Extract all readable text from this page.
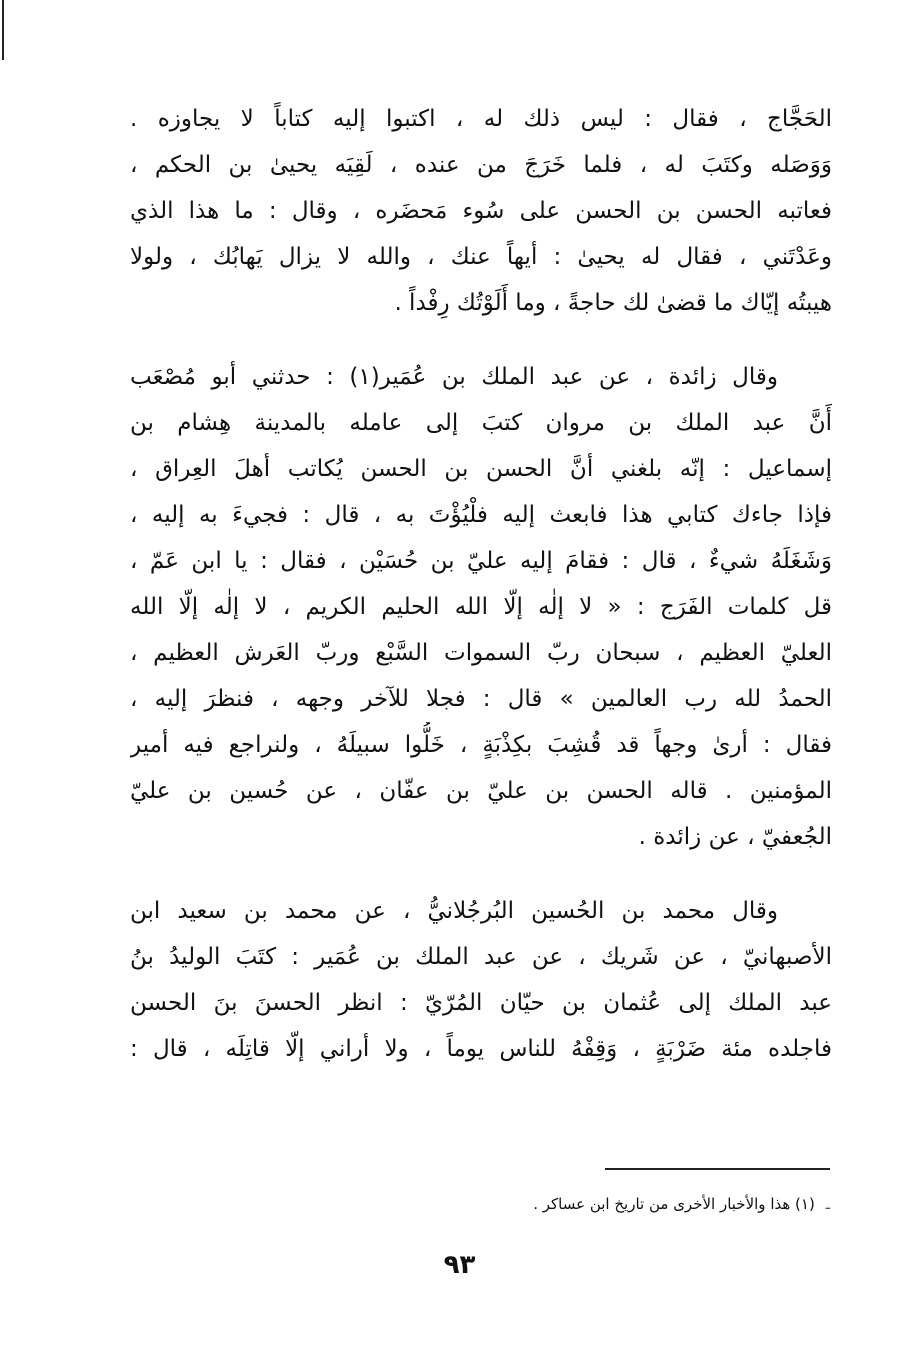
الحَجَّاج ، فقال : ليس ذلك له ، اكتبوا إليه كتاباً لا يجاوزه .
وَوَصَله وكتَبَ له ، فلما خَرَجَ من عنده ، لَقِيَه يحيىٰ بن الحكم ،
فعاتبه الحسن بن الحسن على سُوء مَحضَره ، وقال : ما هذا الذي
وعَدْتَني ، فقال له يحيىٰ : أيهاً عنك ، والله لا يزال يَهابُك ، ولولا
هيبتُه إيّاك ما قضىٰ لك حاجةً ، وما أَلَوْتُك رِفْداً .
وقال زائدة ، عن عبد الملك بن عُمَير(١) : حدثني أبو مُصْعَب
أَنَّ عبد الملك بن مروان كتبَ إلى عامله بالمدينة هِشام بن
إسماعيل : إنّه بلغني أنَّ الحسن بن الحسن يُكاتب أهلَ العِراق ،
فإذا جاءك كتابي هذا فابعث إليه فلْيُؤْتَ به ، قال : فجيءَ به إليه ،
وَشَغَلَهُ شيءٌ ، قال : فقامَ إليه عليّ بن حُسَيْن ، فقال : يا ابن عَمّ ،
قل كلمات الفَرَج : « لا إلٰه إلّا الله الحليم الكريم ، لا إلٰه إلّا الله
العليّ العظيم ، سبحان ربّ السموات السَّبْع وربّ العَرش العظيم ،
الحمدُ لله رب العالمين » قال : فجلا للآخر وجهه ، فنظرَ إليه ،
فقال : أرىٰ وجهاً قد قُشِبَ بكِذْبَةٍ ، خَلُّوا سبيلَهُ ، ولنراجع فيه أمير
المؤمنين . قاله الحسن بن عليّ بن عفّان ، عن حُسين بن عليّ
الجُعفيّ ، عن زائدة .
وقال محمد بن الحُسين البُرجُلانيُّ ، عن محمد بن سعيد ابن
الأصبهانيّ ، عن شَريك ، عن عبد الملك بن عُمَير : كتَبَ الوليدُ بنُ
عبد الملك إلى عُثمان بن حيّان المُرّيّ : انظر الحسنَ بنَ الحسن
فاجلده مئة ضَرْبَةٍ ، وَقِفْهُ للناس يوماً ، ولا أراني إلّا قاتِلَه ، قال :
ـ (١) هذا والأخبار الأخرى من تاريخ ابن عساكر .
٩٣
